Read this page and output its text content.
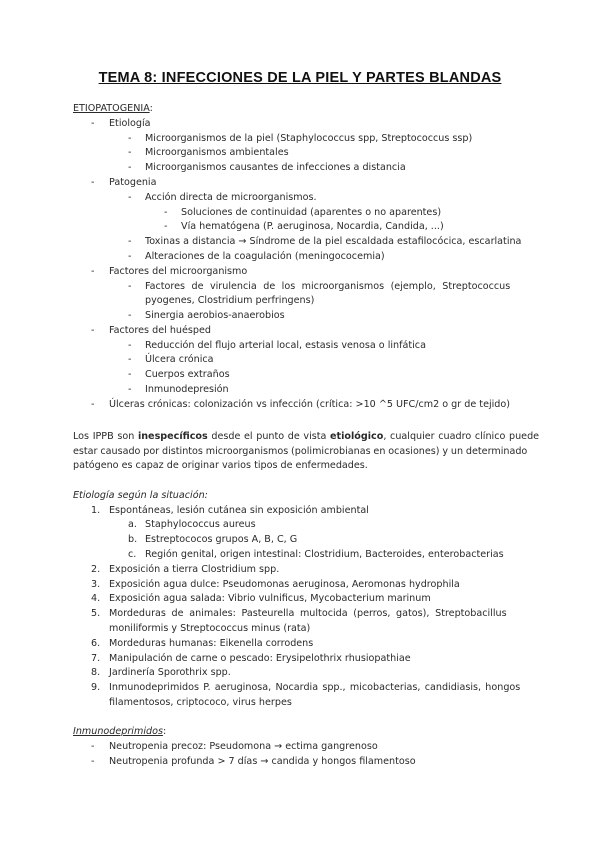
TEMA 8: INFECCIONES DE LA PIEL Y PARTES BLANDAS
ETIOPATOGENIA:
- Etiología
- Microorganismos de la piel (Staphylococcus spp, Streptococcus ssp)
- Microorganismos ambientales
- Microorganismos causantes de infecciones a distancia
- Patogenia
- Acción directa de microorganismos.
- Soluciones de continuidad (aparentes o no aparentes)
- Vía hematógena (P. aeruginosa, Nocardia, Candida, ...)
- Toxinas a distancia → Síndrome de la piel escaldada estafilocócica, escarlatina
- Alteraciones de la coagulación (meningococemia)
- Factores del microorganismo
- Factores de virulencia de los microorganismos (ejemplo, Streptococcus
pyogenes, Clostridium perfringens)
- Sinergia aerobios-anaerobios
- Factores del huésped
- Reducción del flujo arterial local, estasis venosa o linfática
- Úlcera crónica
- Cuerpos extraños
- Inmunodepresión
- Úlceras crónicas: colonización vs infección (crítica: >10 ^5 UFC/cm2 o gr de tejido)
Los IPPB son inespecíficos desde el punto de vista etiológico, cualquier cuadro clínico puede
estar causado por distintos microorganismos (polimicrobianas en ocasiones) y un determinado
patógeno es capaz de originar varios tipos de enfermedades.
Etiología según la situación:
1. Espontáneas, lesión cutánea sin exposición ambiental
a. Staphylococcus aureus
b. Estreptococos grupos A, B, C, G
c. Región genital, origen intestinal: Clostridium, Bacteroides, enterobacterias
2. Exposición a tierra Clostridium spp.
3. Exposición agua dulce: Pseudomonas aeruginosa, Aeromonas hydrophila
4. Exposición agua salada: Vibrio vulnificus, Mycobacterium marinum
5. Mordeduras de animales: Pasteurella multocida (perros, gatos), Streptobacillus
moniliformis y Streptococcus minus (rata)
6. Mordeduras humanas: Eikenella corrodens
7. Manipulación de carne o pescado: Erysipelothrix rhusiopathiae
8. Jardinería Sporothrix spp.
9. Inmunodeprimidos P. aeruginosa, Nocardia spp., micobacterias, candidiasis, hongos
filamentosos, criptococo, virus herpes
Inmunodeprimidos:
- Neutropenia precoz: Pseudomona → ectima gangrenoso
- Neutropenia profunda > 7 días → candida y hongos filamentoso
